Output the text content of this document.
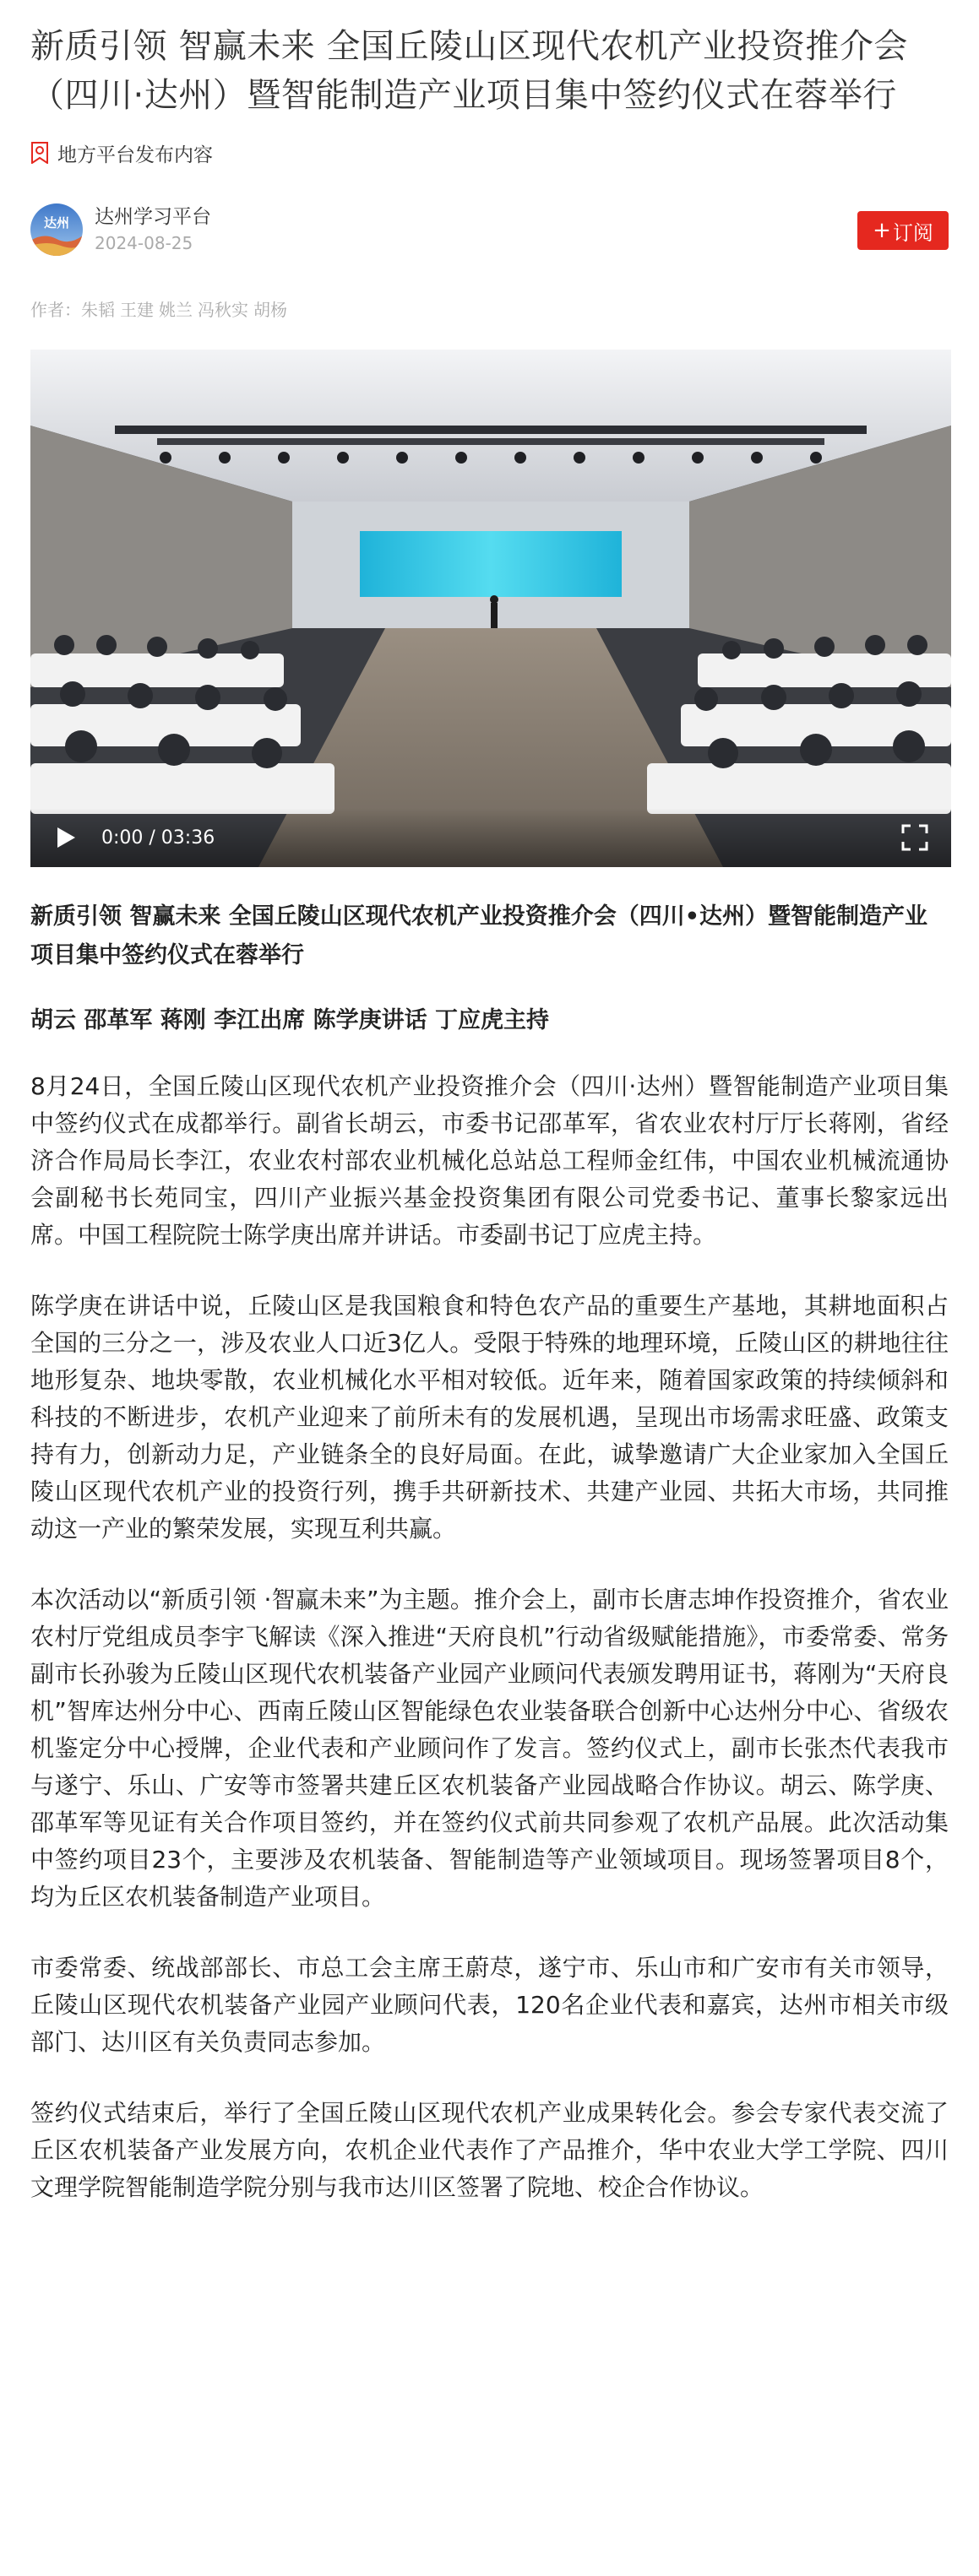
新质引领 智赢未来 全国丘陵山区现代农机产业投资推介会（四川·达州）暨智能制造产业项目集中签约仪式在蓉举行
地方平台发布内容
达州 达州学习平台
2024-08-25	+ 订阅
作者：朱韬 王建 姚兰 冯秋实 胡杨
0:00 / 03:36
新质引领 智赢未来 全国丘陵山区现代农机产业投资推介会（四川•达州）暨智能制造产业项目集中签约仪式在蓉举行
胡云 邵革军 蒋刚 李江出席 陈学庚讲话 丁应虎主持

8月24日，全国丘陵山区现代农机产业投资推介会（四川·达州）暨智能制造产业项目集中签约仪式在成都举行。副省长胡云，市委书记邵革军，省农业农村厅厅长蒋刚，省经济合作局局长李江，农业农村部农业机械化总站总工程师金红伟，中国农业机械流通协会副秘书长苑同宝，四川产业振兴基金投资集团有限公司党委书记、董事长黎家远出席。中国工程院院士陈学庚出席并讲话。市委副书记丁应虎主持。

陈学庚在讲话中说，丘陵山区是我国粮食和特色农产品的重要生产基地，其耕地面积占全国的三分之一，涉及农业人口近3亿人。受限于特殊的地理环境，丘陵山区的耕地往往地形复杂、地块零散，农业机械化水平相对较低。近年来，随着国家政策的持续倾斜和科技的不断进步，农机产业迎来了前所未有的发展机遇，呈现出市场需求旺盛、政策支持有力，创新动力足，产业链条全的良好局面。在此，诚挚邀请广大企业家加入全国丘陵山区现代农机产业的投资行列，携手共研新技术、共建产业园、共拓大市场，共同推动这一产业的繁荣发展，实现互利共赢。

本次活动以“新质引领 ·智赢未来”为主题。推介会上，副市长唐志坤作投资推介，省农业农村厅党组成员李宇飞解读《深入推进“天府良机”行动省级赋能措施》，市委常委、常务副市长孙骏为丘陵山区现代农机装备产业园产业顾问代表颁发聘用证书，蒋刚为“天府良机”智库达州分中心、西南丘陵山区智能绿色农业装备联合创新中心达州分中心、省级农机鉴定分中心授牌，企业代表和产业顾问作了发言。签约仪式上，副市长张杰代表我市与遂宁、乐山、广安等市签署共建丘区农机装备产业园战略合作协议。胡云、陈学庚、邵革军等见证有关合作项目签约，并在签约仪式前共同参观了农机产品展。此次活动集中签约项目23个，主要涉及农机装备、智能制造等产业领域项目。现场签署项目8个，均为丘区农机装备制造产业项目。

市委常委、统战部部长、市总工会主席王蔚荩，遂宁市、乐山市和广安市有关市领导，丘陵山区现代农机装备产业园产业顾问代表，120名企业代表和嘉宾，达州市相关市级部门、达川区有关负责同志参加。

签约仪式结束后，举行了全国丘陵山区现代农机产业成果转化会。参会专家代表交流了丘区农机装备产业发展方向，农机企业代表作了产品推介，华中农业大学工学院、四川文理学院智能制造学院分别与我市达川区签署了院地、校企合作协议。
